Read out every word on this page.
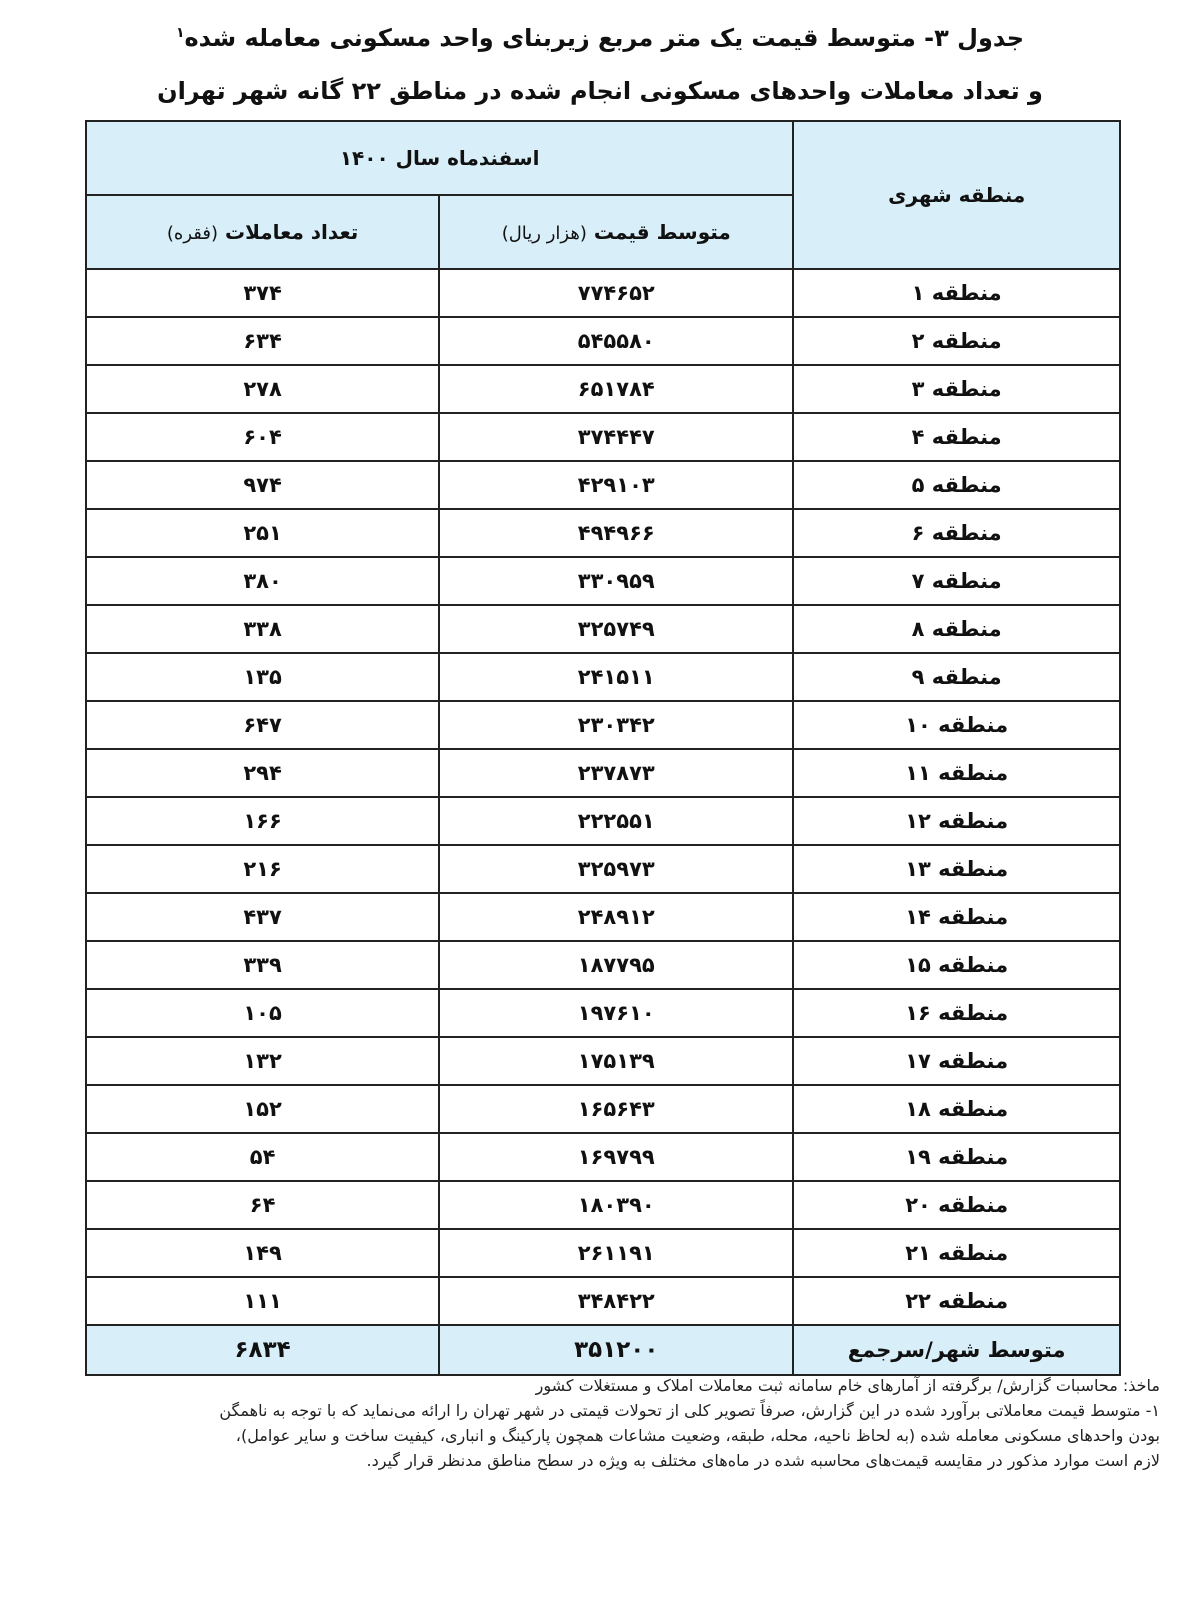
جدول ۳- متوسط قیمت یک متر مربع زیربنای واحد مسکونی معامله شده$^۱$
و تعداد معاملات واحدهای مسکونی انجام شده در مناطق ۲۲ گانه شهر تهران
منطقه شهری	اسفندماه سال ۱۴۰۰	
	متوسط قیمت (هزار ریال)	تعداد معاملات (فقره)
منطقه ۱	۷۷۴۶۵۲	۳۷۴
منطقه ۲	۵۴۵۵۸۰	۶۳۴
منطقه ۳	۶۵۱۷۸۴	۲۷۸
منطقه ۴	۳۷۴۴۴۷	۶۰۴
منطقه ۵	۴۲۹۱۰۳	۹۷۴
منطقه ۶	۴۹۴۹۶۶	۲۵۱
منطقه ۷	۳۳۰۹۵۹	۳۸۰
منطقه ۸	۳۲۵۷۴۹	۳۳۸
منطقه ۹	۲۴۱۵۱۱	۱۳۵
منطقه ۱۰	۲۳۰۳۴۲	۶۴۷
منطقه ۱۱	۲۳۷۸۷۳	۲۹۴
منطقه ۱۲	۲۲۲۵۵۱	۱۶۶
منطقه ۱۳	۳۲۵۹۷۳	۲۱۶
منطقه ۱۴	۲۴۸۹۱۲	۴۳۷
منطقه ۱۵	۱۸۷۷۹۵	۳۳۹
منطقه ۱۶	۱۹۷۶۱۰	۱۰۵
منطقه ۱۷	۱۷۵۱۳۹	۱۳۲
منطقه ۱۸	۱۶۵۶۴۳	۱۵۲
منطقه ۱۹	۱۶۹۷۹۹	۵۴
منطقه ۲۰	۱۸۰۳۹۰	۶۴
منطقه ۲۱	۲۶۱۱۹۱	۱۴۹
منطقه ۲۲	۳۴۸۴۲۲	۱۱۱
متوسط شهر/سرجمع	۳۵۱۲۰۰	۶۸۳۴
ماخذ: محاسبات گزارش/ برگرفته از آمارهای خام سامانه ثبت معاملات املاک و مستغلات کشور
۱- متوسط قیمت معاملاتی برآورد شده در این گزارش، صرفاً تصویر کلی از تحولات قیمتی در شهر تهران را ارائه می‌نماید که با توجه به ناهمگن
بودن واحدهای مسکونی معامله شده (به لحاظ ناحیه، محله، طبقه، وضعیت مشاعات همچون پارکینگ و انباری، کیفیت ساخت و سایر عوامل)،
لازم است موارد مذکور در مقایسه قیمت‌های محاسبه شده در ماه‌های مختلف به ویژه در سطح مناطق مدنظر قرار گیرد.
